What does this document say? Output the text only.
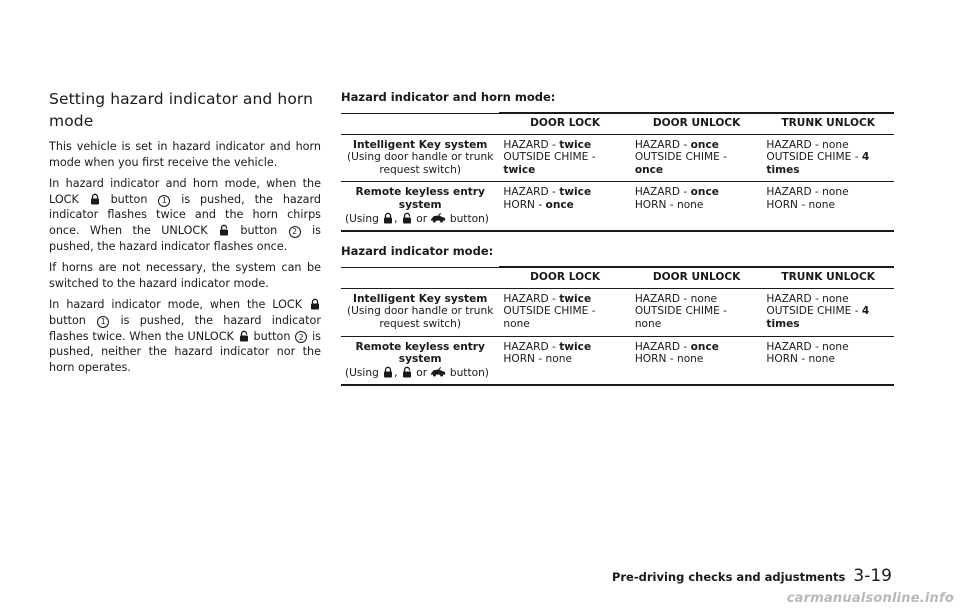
Setting hazard indicator and horn mode

This vehicle is set in hazard indicator and horn mode when you first receive the vehicle.

In hazard indicator and horn mode, when the LOCK
button 1 is pushed, the hazard indicator flashes twice and the horn chirps once. When the UNLOCK
button 2 is pushed, the hazard indicator flashes once.

If horns are not necessary, the system can be switched to the hazard indicator mode.

In hazard indicator mode, when the LOCK
button 1 is pushed, the hazard indicator flashes twice. When the UNLOCK
button 2 is pushed, neither the hazard indicator nor the horn operates.

Hazard indicator and horn mode:
	DOOR LOCK	DOOR UNLOCK	TRUNK UNLOCK

Intelligent Key system
(Using door handle or trunk request switch)	HAZARD - twice
OUTSIDE CHIME -
twice	HAZARD - once
OUTSIDE CHIME -
once	HAZARD - none
OUTSIDE CHIME - 4
times

Remote keyless entry system
(Using
,
or
button)	HAZARD - twice
HORN - once	HAZARD - once
HORN - none	HAZARD - none
HORN - none
Hazard indicator mode:
	DOOR LOCK	DOOR UNLOCK	TRUNK UNLOCK

Intelligent Key system
(Using door handle or trunk request switch)	HAZARD - twice
OUTSIDE CHIME -
none	HAZARD - none
OUTSIDE CHIME -
none	HAZARD - none
OUTSIDE CHIME - 4
times

Remote keyless entry system
(Using
,
or
button)	HAZARD - twice
HORN - none	HAZARD - once
HORN - none	HAZARD - none
HORN - none
Pre-driving checks and adjustments 3-19
carmanualsonline.info
